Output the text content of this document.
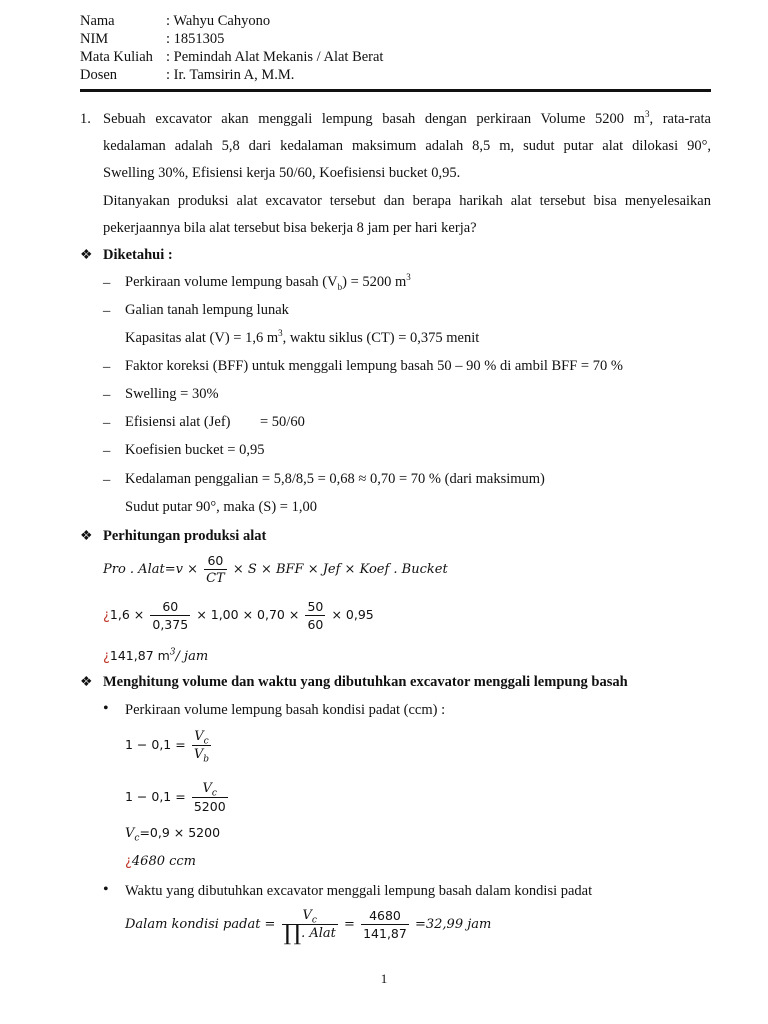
Nama	: Wahyu Cahyono
NIM	: 1851305
Mata Kuliah : Pemindah Alat Mekanis / Alat Berat
Dosen	: Ir. Tamsirin A, M.M.
1. Sebuah excavator akan menggali lempung basah dengan perkiraan Volume 5200 $m^3$, rata-rata
kedalaman adalah 5,8 dari kedalaman maksimum adalah 8,5 m, sudut putar alat dilokasi 90°,
Swelling 30%, Efisiensi kerja 50/60, Koefisiensi bucket 0,95.
Ditanyakan produksi alat excavator tersebut dan berapa harikah alat tersebut bisa menyelesaikan
pekerjaannya bila alat tersebut bisa bekerja 8 jam per hari kerja?
❖ Diketahui :
– Perkiraan volume lempung basah $(V_b) = 5200$ $m^3$
– Galian tanah lempung lunak
Kapasitas alat (V) = 1,6 $m^3$, waktu siklus (CT) = 0,375 menit
– Faktor koreksi (BFF) untuk menggali lempung basah 50 – 90 % di ambil BFF = 70 %
– Swelling = 30%
– Efisiensi alat (Jef) = 50/60
– Koefisien bucket = 0,95
– Kedalaman penggalian = 5,8/8,5 = 0,68 ≈ 0,70 = 70 % (dari maksimum)
Sudut putar 90°, maka (S) = 1,00
❖ Perhitungan produksi alat
Pro . Alat=v × $\frac{60}{CT} \times S$ × BFF × Jef × Koef . Bucket
¿$1,6 \times \frac{60}{0,375} \times 1,00 \times 0,70 \times \frac{50}{60} \times 0,95$
¿141,87 $m^3/$ jam
❖ Menghitung volume dan waktu yang dibutuhkan excavator menggali lempung basah
• Perkiraan volume lempung basah kondisi padat (ccm) :
$1 - 0,1 = \frac{V_c}{V_b}$
$1 - 0,1 = \frac{V_c}{5200}$
$V_c=0,9 \times 5200$
¿4680 ccm
• Waktu yang dibutuhkan excavator menggali lempung basah dalam kondisi padat
Dalam kondisi padat = $\frac{V_c}{\text{∏. Alat}} = \frac{4680}{141,87} =32,99$ jam
1
